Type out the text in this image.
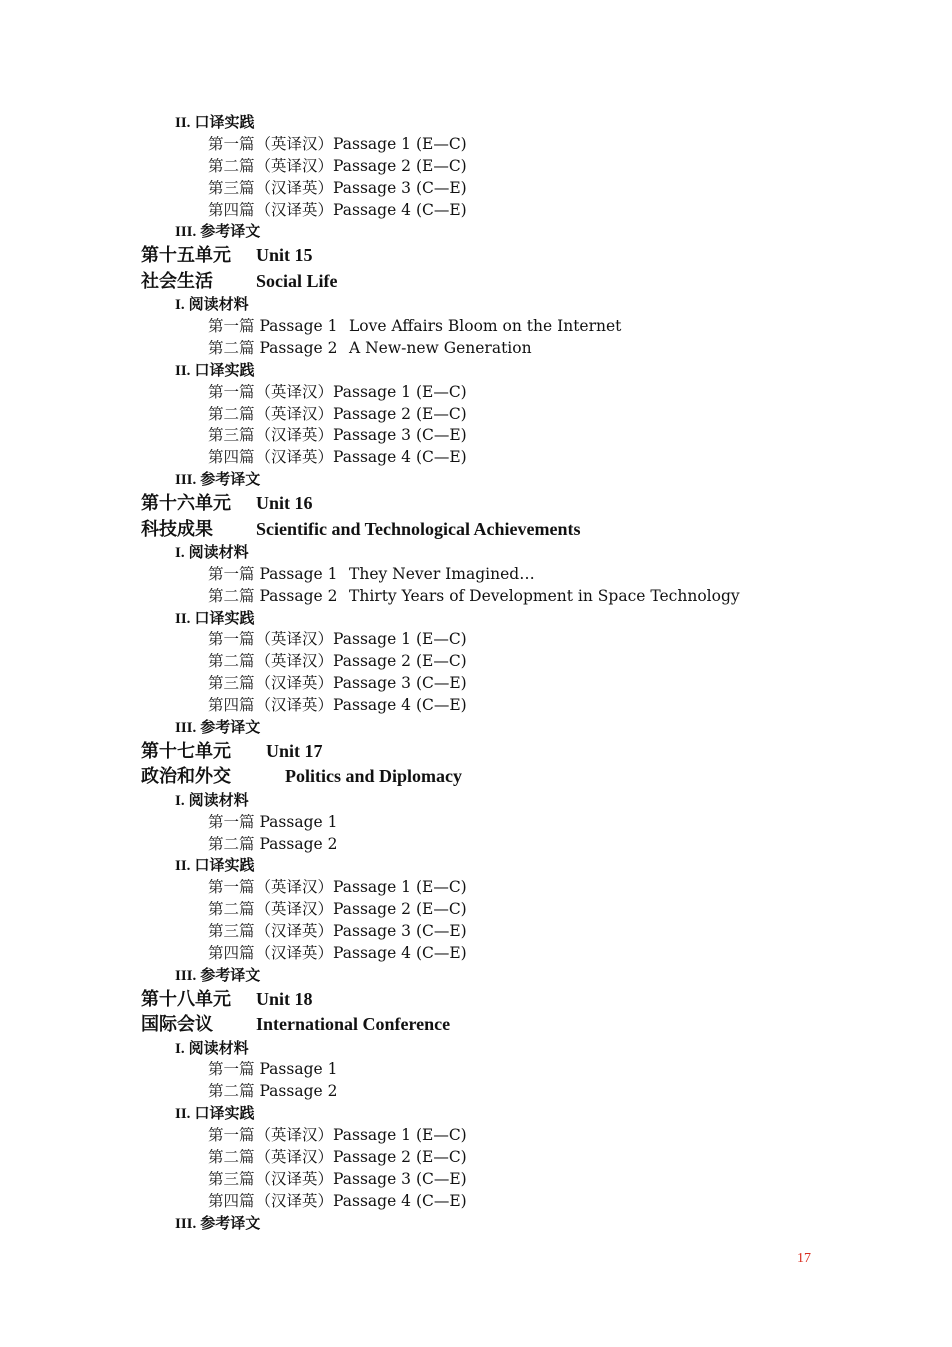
II. 口译实践
第一篇（英译汉）Passage 1 (E—C)
第二篇（英译汉）Passage 2 (E—C)
第三篇（汉译英）Passage 3 (C—E)
第四篇（汉译英）Passage 4 (C—E)
III. 参考译文
第十五单元 Unit 15
社会生活 Social Life
I. 阅读材料
第一篇 Passage 1 Love Affairs Bloom on the Internet
第二篇 Passage 2 A New-new Generation
II. 口译实践
第一篇（英译汉）Passage 1 (E—C)
第二篇（英译汉）Passage 2 (E—C)
第三篇（汉译英）Passage 3 (C—E)
第四篇（汉译英）Passage 4 (C—E)
III. 参考译文
第十六单元 Unit 16
科技成果 Scientific and Technological Achievements
I. 阅读材料
第一篇 Passage 1 They Never Imagined…
第二篇 Passage 2 Thirty Years of Development in Space Technology
II. 口译实践
第一篇（英译汉）Passage 1 (E—C)
第二篇（英译汉）Passage 2 (E—C)
第三篇（汉译英）Passage 3 (C—E)
第四篇（汉译英）Passage 4 (C—E)
III. 参考译文
第十七单元 Unit 17
政治和外交	Politics and Diplomacy
I. 阅读材料
第一篇 Passage 1
第二篇 Passage 2
II. 口译实践
第一篇（英译汉）Passage 1 (E—C)
第二篇（英译汉）Passage 2 (E—C)
第三篇（汉译英）Passage 3 (C—E)
第四篇（汉译英）Passage 4 (C—E)
III. 参考译文
第十八单元 Unit 18
国际会议 International Conference
I. 阅读材料
第一篇 Passage 1
第二篇 Passage 2
II. 口译实践
第一篇（英译汉）Passage 1 (E—C)
第二篇（英译汉）Passage 2 (E—C)
第三篇（汉译英）Passage 3 (C—E)
第四篇（汉译英）Passage 4 (C—E)
III. 参考译文
17
